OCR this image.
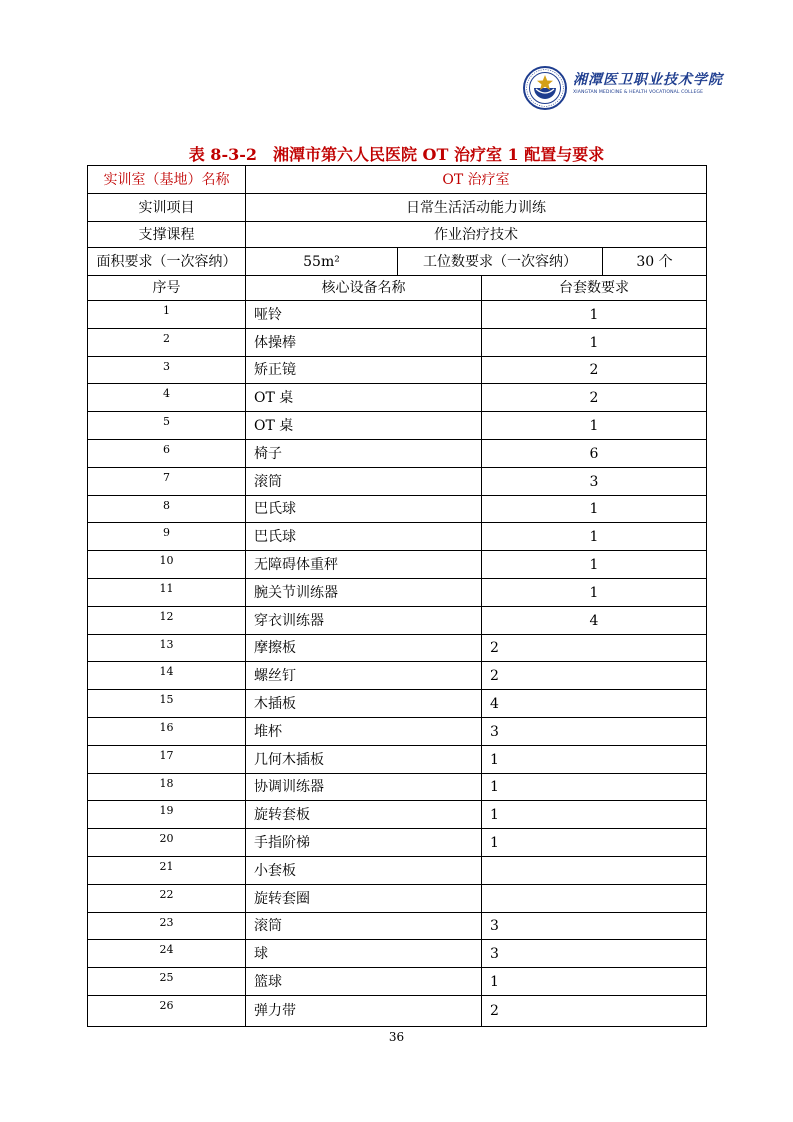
湘潭医卫职业技术学院
XIANGTAN MEDICINE & HEALTH VOCATIONAL COLLEGE
表 8-3-2　湘潭市第六人民医院 OT 治疗室 1 配置与要求
实训室（基地）名称	OT 治疗室
实训项目	日常生活活动能力训练
支撑课程	作业治疗技术
面积要求（一次容纳）	55m²	工位数要求（一次容纳）	30 个
序号	核心设备名称	台套数要求
1	哑铃	1
2	体操棒	1
3	矫正镜	2
4	OT 桌	2
5	OT 桌	1
6	椅子	6
7	滚筒	3
8	巴氏球	1
9	巴氏球	1
10	无障碍体重秤	1
11	腕关节训练器	1
12	穿衣训练器	4
13	摩擦板	2
14	螺丝钉	2
15	木插板	4
16	堆杯	3
17	几何木插板	1
18	协调训练器	1
19	旋转套板	1
20	手指阶梯	1
21	小套板
22	旋转套圈
23	滚筒	3
24	球	3
25	篮球	1
26	弹力带	2
36
